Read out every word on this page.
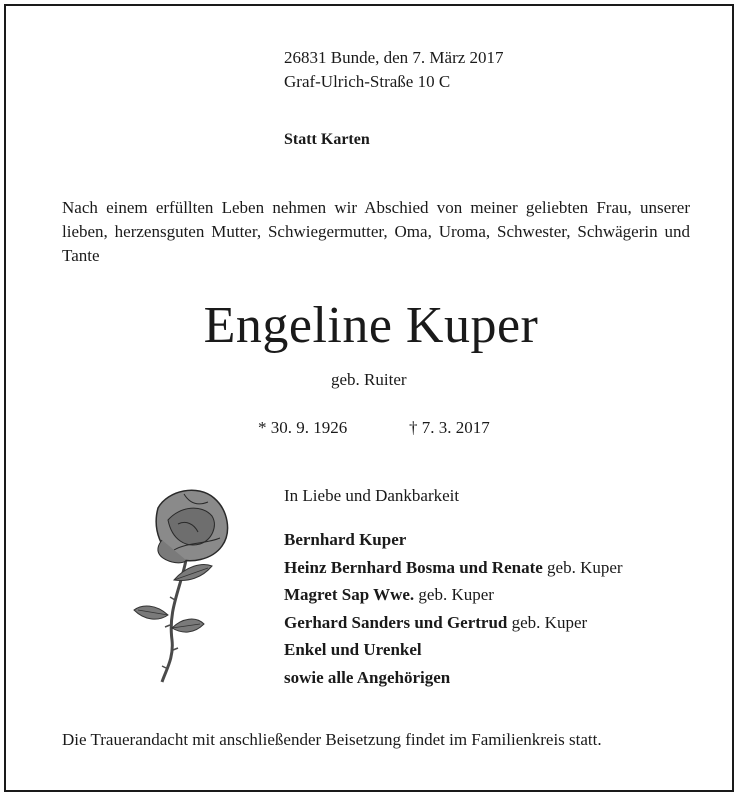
26831 Bunde, den 7. März 2017
Graf-Ulrich-Straße 10 C
Statt Karten
Nach einem erfüllten Leben nehmen wir Abschied von meiner geliebten Frau, unserer lieben, herzensguten Mutter, Schwiegermutter, Oma, Uroma, Schwester, Schwägerin und Tante
Engeline Kuper
geb. Ruiter
* 30. 9. 1926	† 7. 3. 2017
In Liebe und Dankbarkeit
Bernhard Kuper
Heinz Bernhard Bosma und Renate geb. Kuper
Magret Sap Wwe. geb. Kuper
Gerhard Sanders und Gertrud geb. Kuper
Enkel und Urenkel
sowie alle Angehörigen
Die Trauerandacht mit anschließender Beisetzung findet im Familienkreis statt.
